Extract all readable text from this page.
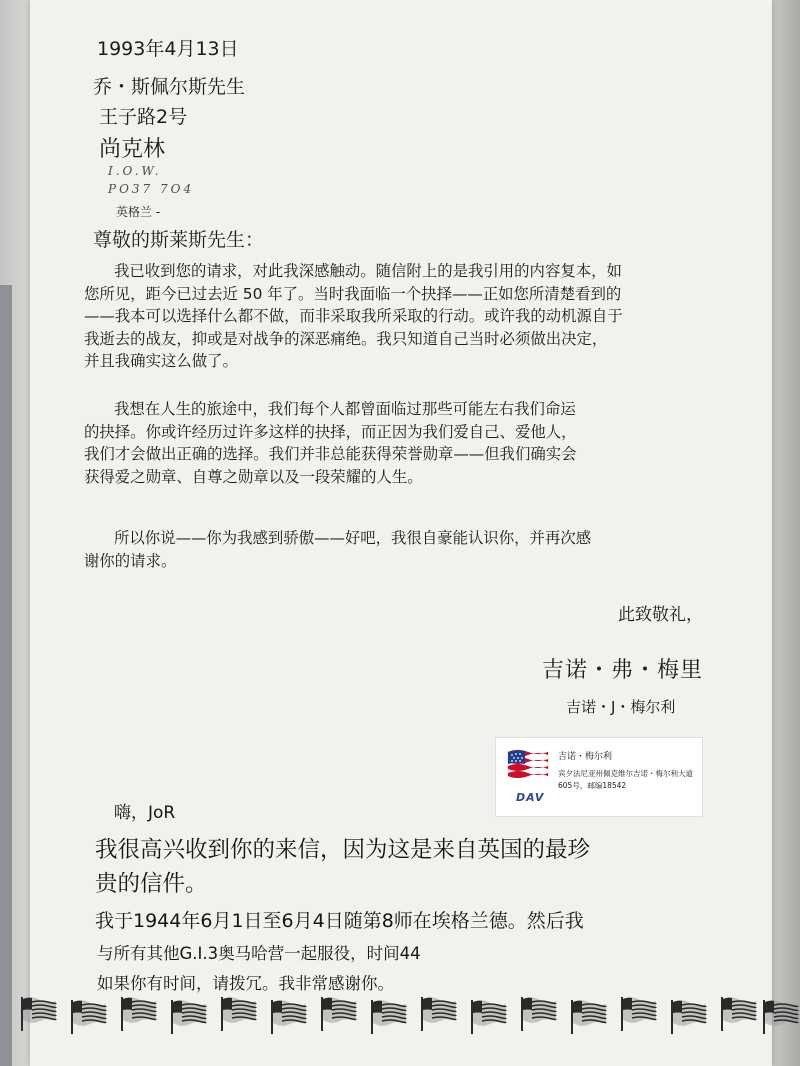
1993年4月13日
乔・斯佩尔斯先生
王子路2号
尚克林
I.O.W.
PO37 7O4
英格兰 -
尊敬的斯莱斯先生：
我已收到您的请求，对此我深感触动。随信附上的是我引用的内容复本，如
您所见，距今已过去近 50 年了。当时我面临一个抉择——正如您所清楚看到的
——我本可以选择什么都不做，而非采取我所采取的行动。或许我的动机源自于
我逝去的战友，抑或是对战争的深恶痛绝。我只知道自己当时必须做出决定，
并且我确实这么做了。
我想在人生的旅途中，我们每个人都曾面临过那些可能左右我们命运
的抉择。你或许经历过许多这样的抉择，而正因为我们爱自己、爱他人，
我们才会做出正确的选择。我们并非总能获得荣誉勋章——但我们确实会
获得爱之勋章、自尊之勋章以及一段荣耀的人生。
所以你说——你为我感到骄傲——好吧，我很自豪能认识你，并再次感
谢你的请求。
此致敬礼，
吉诺・弗・梅里
吉诺・J・梅尔利
DAV
吉诺・梅尔利
宾夕法尼亚州佩克维尔吉诺・梅尔利大道605号，邮编18542
嗨，JoR
我很高兴收到你的来信，因为这是来自英国的最珍
贵的信件。
我于1944年6月1日至6月4日随第8师在埃格兰德。然后我
与所有其他G.I.3奥马哈营一起服役，时间44
如果你有时间，请拨冗。我非常感谢你。
